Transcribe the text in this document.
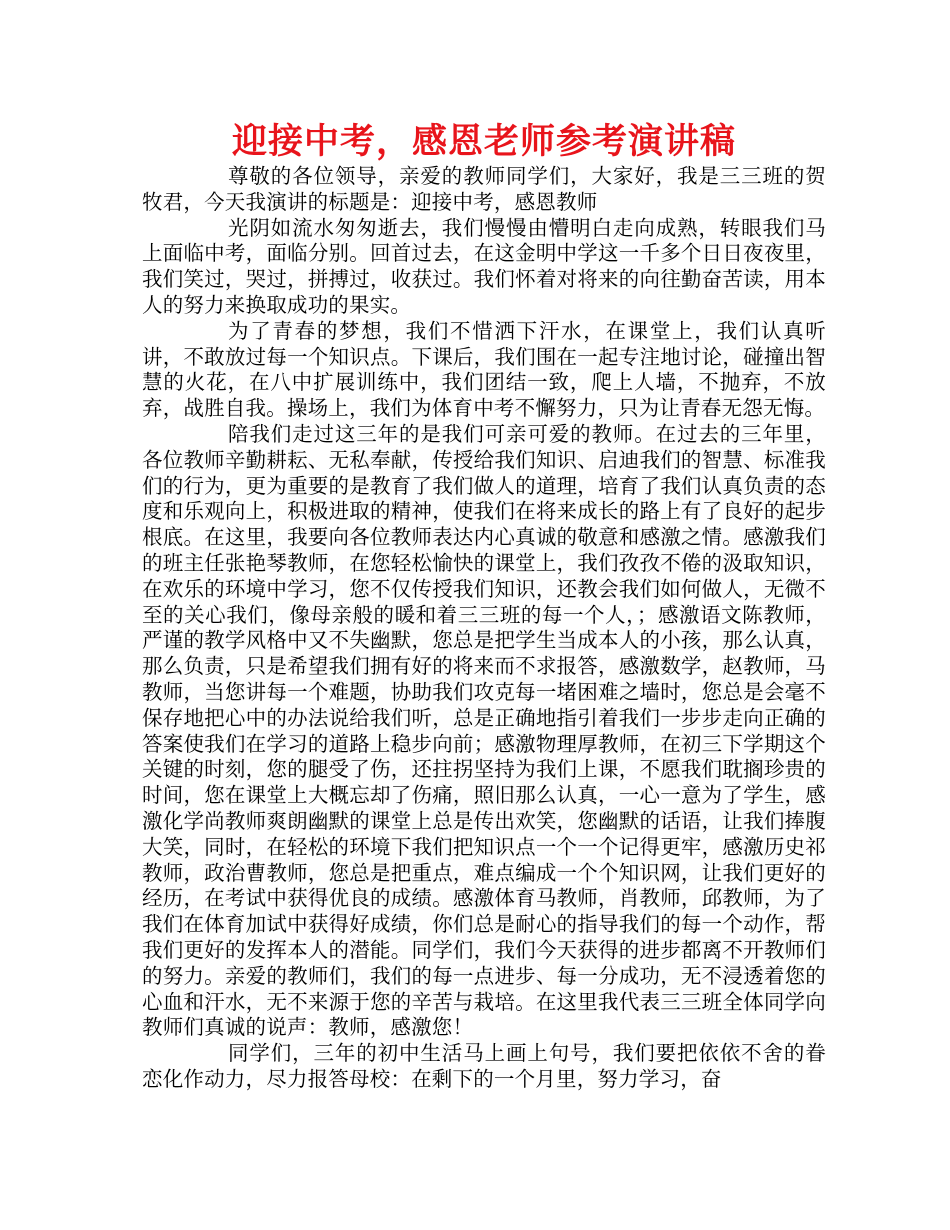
迎接中考，感恩老师参考演讲稿

尊敬的各位领导，亲爱的教师同学们，大家好，我是三三班的贺牧君，今天我演讲的标题是：迎接中考，感恩教师

光阴如流水匆匆逝去，我们慢慢由懵明白走向成熟，转眼我们马上面临中考，面临分别。回首过去，在这金明中学这一千多个日日夜夜里，我们笑过，哭过，拼搏过，收获过。我们怀着对将来的向往勤奋苦读，用本人的努力来换取成功的果实。

为了青春的梦想，我们不惜洒下汗水，在课堂上，我们认真听讲，不敢放过每一个知识点。下课后，我们围在一起专注地讨论，碰撞出智慧的火花，在八中扩展训练中，我们团结一致，爬上人墙，不抛弃，不放弃，战胜自我。操场上，我们为体育中考不懈努力，只为让青春无怨无悔。

陪我们走过这三年的是我们可亲可爱的教师。在过去的三年里，各位教师辛勤耕耘、无私奉献，传授给我们知识、启迪我们的智慧、标准我们的行为，更为重要的是教育了我们做人的道理，培育了我们认真负责的态度和乐观向上，积极进取的精神，使我们在将来成长的路上有了良好的起步根底。在这里，我要向各位教师表达内心真诚的敬意和感激之情。感激我们的班主任张艳琴教师，在您轻松愉快的课堂上，我们孜孜不倦的汲取知识，在欢乐的环境中学习，您不仅传授我们知识，还教会我们如何做人，无微不至的关心我们，像母亲般的暖和着三三班的每一个人，；感激语文陈教师，严谨的教学风格中又不失幽默，您总是把学生当成本人的小孩，那么认真，那么负责，只是希望我们拥有好的将来而不求报答，感激数学，赵教师，马教师，当您讲每一个难题，协助我们攻克每一堵困难之墙时，您总是会毫不保存地把心中的办法说给我们听，总是正确地指引着我们一步步走向正确的答案使我们在学习的道路上稳步向前；感激物理厚教师，在初三下学期这个关键的时刻，您的腿受了伤，还拄拐坚持为我们上课，不愿我们耽搁珍贵的时间，您在课堂上大概忘却了伤痛，照旧那么认真，一心一意为了学生，感激化学尚教师爽朗幽默的课堂上总是传出欢笑，您幽默的话语，让我们捧腹大笑，同时，在轻松的环境下我们把知识点一个一个记得更牢，感激历史祁教师，政治曹教师，您总是把重点，难点编成一个个知识网，让我们更好的经历，在考试中获得优良的成绩。感激体育马教师，肖教师，邱教师，为了我们在体育加试中获得好成绩，你们总是耐心的指导我们的每一个动作，帮我们更好的发挥本人的潜能。同学们，我们今天获得的进步都离不开教师们的努力。亲爱的教师们，我们的每一点进步、每一分成功，无不浸透着您的心血和汗水，无不来源于您的辛苦与栽培。在这里我代表三三班全体同学向教师们真诚的说声：教师，感激您！

同学们，三年的初中生活马上画上句号，我们要把依依不舍的眷恋化作动力，尽力报答母校：在剩下的一个月里，努力学习，奋
